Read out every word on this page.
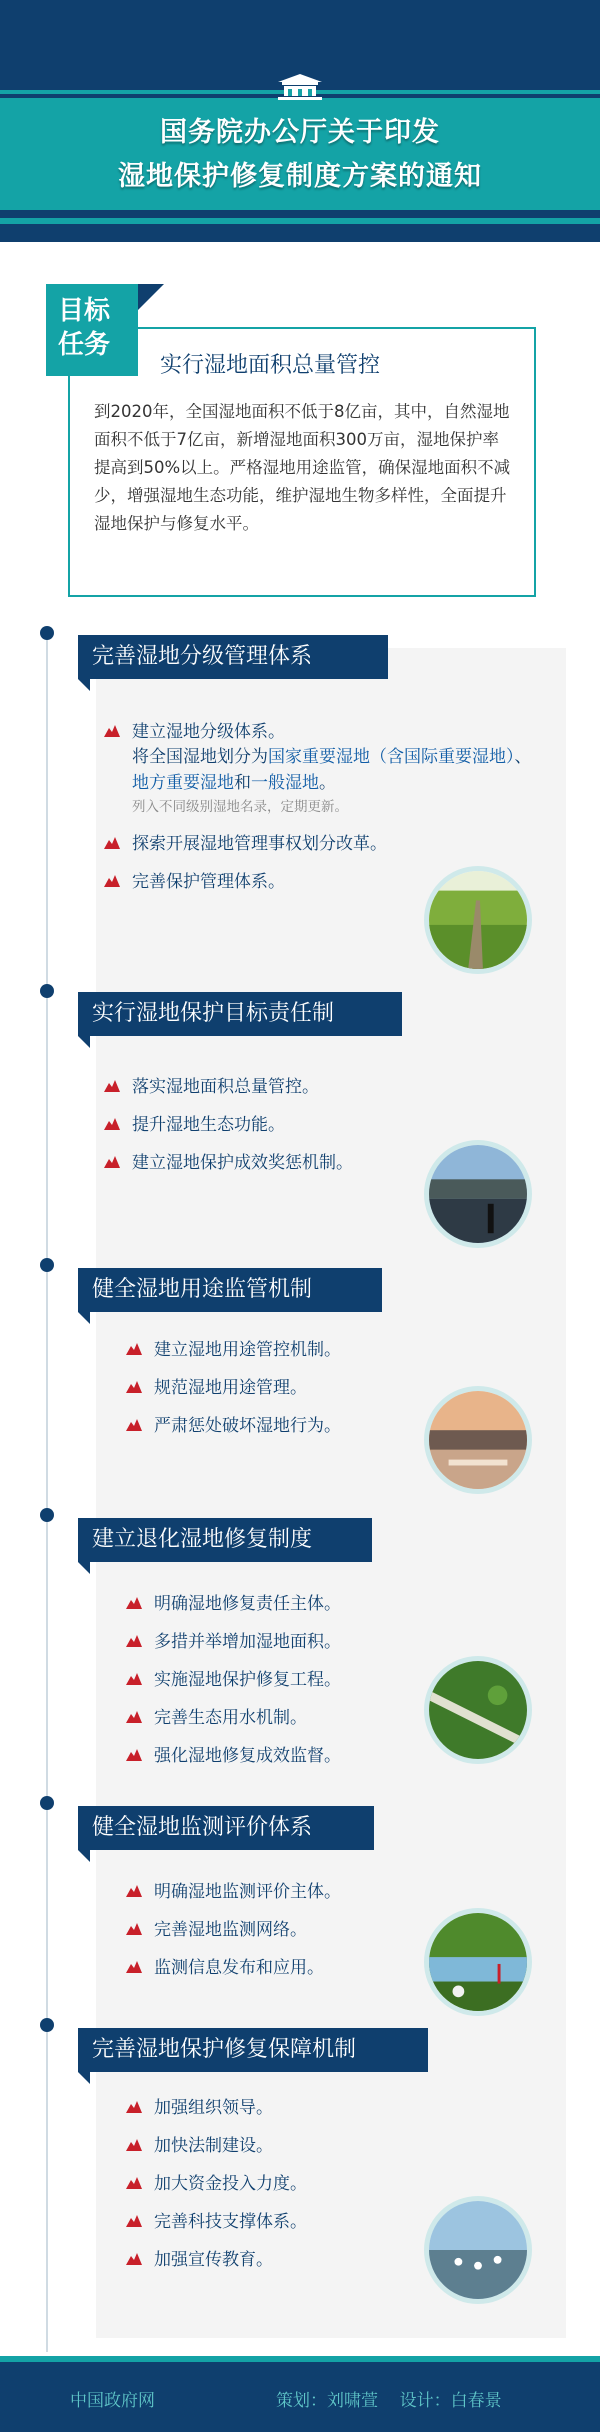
国务院办公厅关于印发
湿地保护修复制度方案的通知
目标
任务
实行湿地面积总量管控
到2020年，全国湿地面积不低于8亿亩，其中，自然湿地面积不低于7亿亩，新增湿地面积300万亩，湿地保护率提高到50%以上。严格湿地用途监管，确保湿地面积不减少，增强湿地生态功能，维护湿地生物多样性，全面提升湿地保护与修复水平。
完善湿地分级管理体系
建立湿地分级体系。
将全国湿地划分为国家重要湿地（含国际重要湿地）、地方重要湿地和一般湿地。
列入不同级别湿地名录，定期更新。
探索开展湿地管理事权划分改革。
完善保护管理体系。
实行湿地保护目标责任制
落实湿地面积总量管控。
提升湿地生态功能。
建立湿地保护成效奖惩机制。
健全湿地用途监管机制
建立湿地用途管控机制。
规范湿地用途管理。
严肃惩处破坏湿地行为。
建立退化湿地修复制度
明确湿地修复责任主体。
多措并举增加湿地面积。
实施湿地保护修复工程。
完善生态用水机制。
强化湿地修复成效监督。
健全湿地监测评价体系
明确湿地监测评价主体。
完善湿地监测网络。
监测信息发布和应用。
完善湿地保护修复保障机制
加强组织领导。
加快法制建设。
加大资金投入力度。
完善科技支撑体系。
加强宣传教育。
中国政府网	策划：刘啸萱    设计：白春景
